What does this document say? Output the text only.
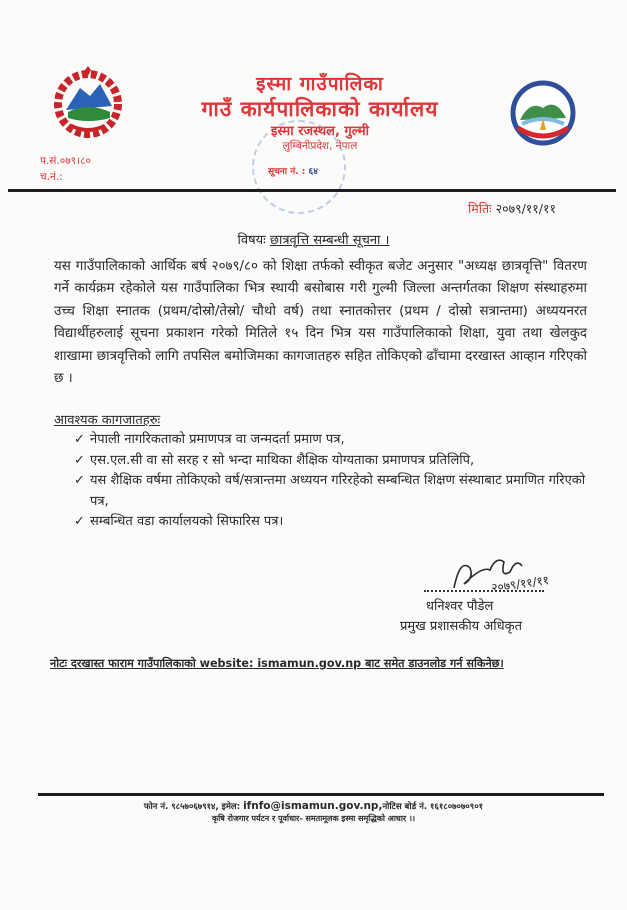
इस्मा गाउँपालिका
गाउँ कार्यपालिकाको कार्यालय
इस्मा रजस्थल, गुल्मी
लुम्बिनीप्रदेश, नेपाल
सूचना नं. : ६४
प.सं.०७९।८०
च.नं.:
मितिः २०७९/११/११
विषयः छात्रवृत्ति सम्बन्धी सूचना ।
यस गाउँपालिकाको आर्थिक बर्ष २०७९/८० को शिक्षा तर्फको स्वीकृत बजेट अनुसार "अध्यक्ष छात्रवृत्ति" वितरण गर्ने कार्यक्रम रहेकोले यस गाउँपालिका भित्र स्थायी बसोबास गरी गुल्मी जिल्ला अन्तर्गतका शिक्षण संस्थाहरुमा उच्च शिक्षा स्नातक (प्रथम/दोस्रो/तेस्रो/ चौथो वर्ष) तथा स्नातकोत्तर (प्रथम / दोस्रो सत्रान्तमा) अध्ययनरत विद्यार्थीहरुलाई सूचना प्रकाशन गरेको मितिले १५ दिन भित्र यस गाउँपालिकाको शिक्षा, युवा तथा खेलकुद शाखामा छात्रवृत्तिको लागि तपसिल बमोजिमका कागजातहरु सहित तोकिएको ढाँचामा दरखास्त आव्हान गरिएको छ ।
आवश्यक कागजातहरुः
✓ नेपाली नागरिकताको प्रमाणपत्र वा जन्मदर्ता प्रमाण पत्र,
✓ एस.एल.सी वा सो सरह र सो भन्दा माथिका शैक्षिक योग्यताका प्रमाणपत्र प्रतिलिपि,
✓ यस शैक्षिक वर्षमा तोकिएको वर्ष/सत्रान्तमा अध्ययन गरिरहेको सम्बन्धित शिक्षण संस्थाबाट प्रमाणित गरिएको पत्र,
✓ सम्बन्धित वडा कार्यालयको सिफारिस पत्र।
२०७९/११/११
धनिश्वर पौडेल
प्रमुख प्रशासकीय अधिकृत
नोटः दरखास्त फाराम गाउँपालिकाको website: ismamun.gov.np बाट समेत डाउनलोड गर्न सकिनेछ।
फोन नं. ९८५७०६७९१४, इमेल: ifnfo@ismamun.gov.np,नोटिस बोर्ड नं. १६१८०७०७०९०१
कृषि रोजगार पर्यटन र पूर्वाधार- समतामूलक इस्मा समृद्धिको आधार ।।
